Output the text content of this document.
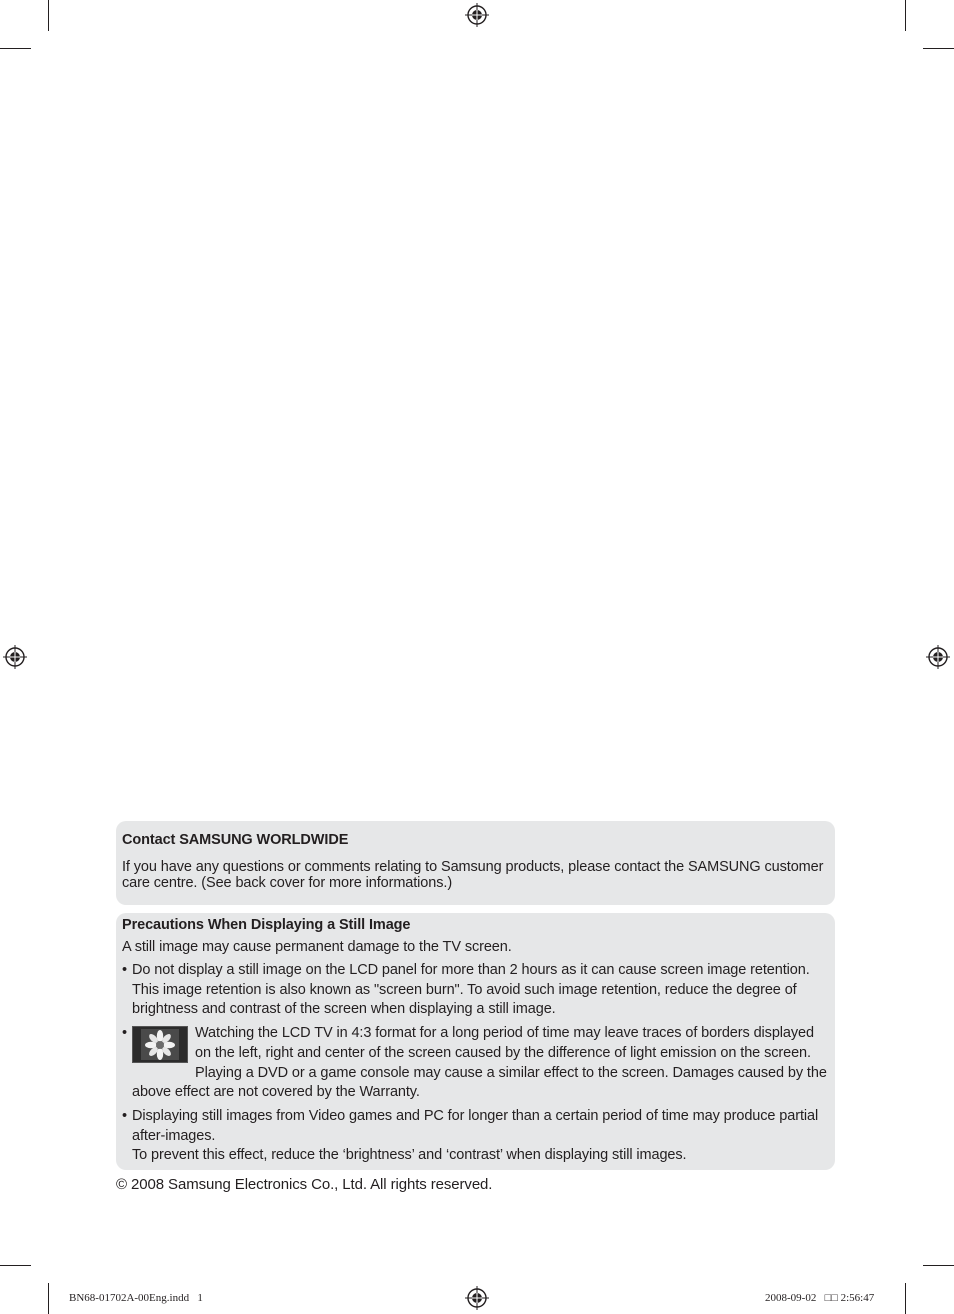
Contact SAMSUNG WORLDWIDE
If you have any questions or comments relating to Samsung products, please contact the SAMSUNG customer care centre. (See back cover for more informations.)
Precautions When Displaying a Still Image
A still image may cause permanent damage to the TV screen.
• Do not display a still image on the LCD panel for more than 2 hours as it can cause screen image retention. This image retention is also known as "screen burn". To avoid such image retention, reduce the degree of brightness and contrast of the screen when displaying a still image.
•	Watching the LCD TV in 4:3 format for a long period of time may leave traces of borders displayed on the left, right and center of the screen caused by the difference of light emission on the screen. Playing a DVD or a game console may cause a similar effect to the screen. Damages caused by the above effect are not covered by the Warranty.
• Displaying still images from Video games and PC for longer than a certain period of time may produce partial after-images.
To prevent this effect, reduce the ‘brightness’ and ‘contrast’ when displaying still images.
© 2008 Samsung Electronics Co., Ltd. All rights reserved.
BN68-01702A-00Eng.indd   1	2008-09-02   □□ 2:56:47
